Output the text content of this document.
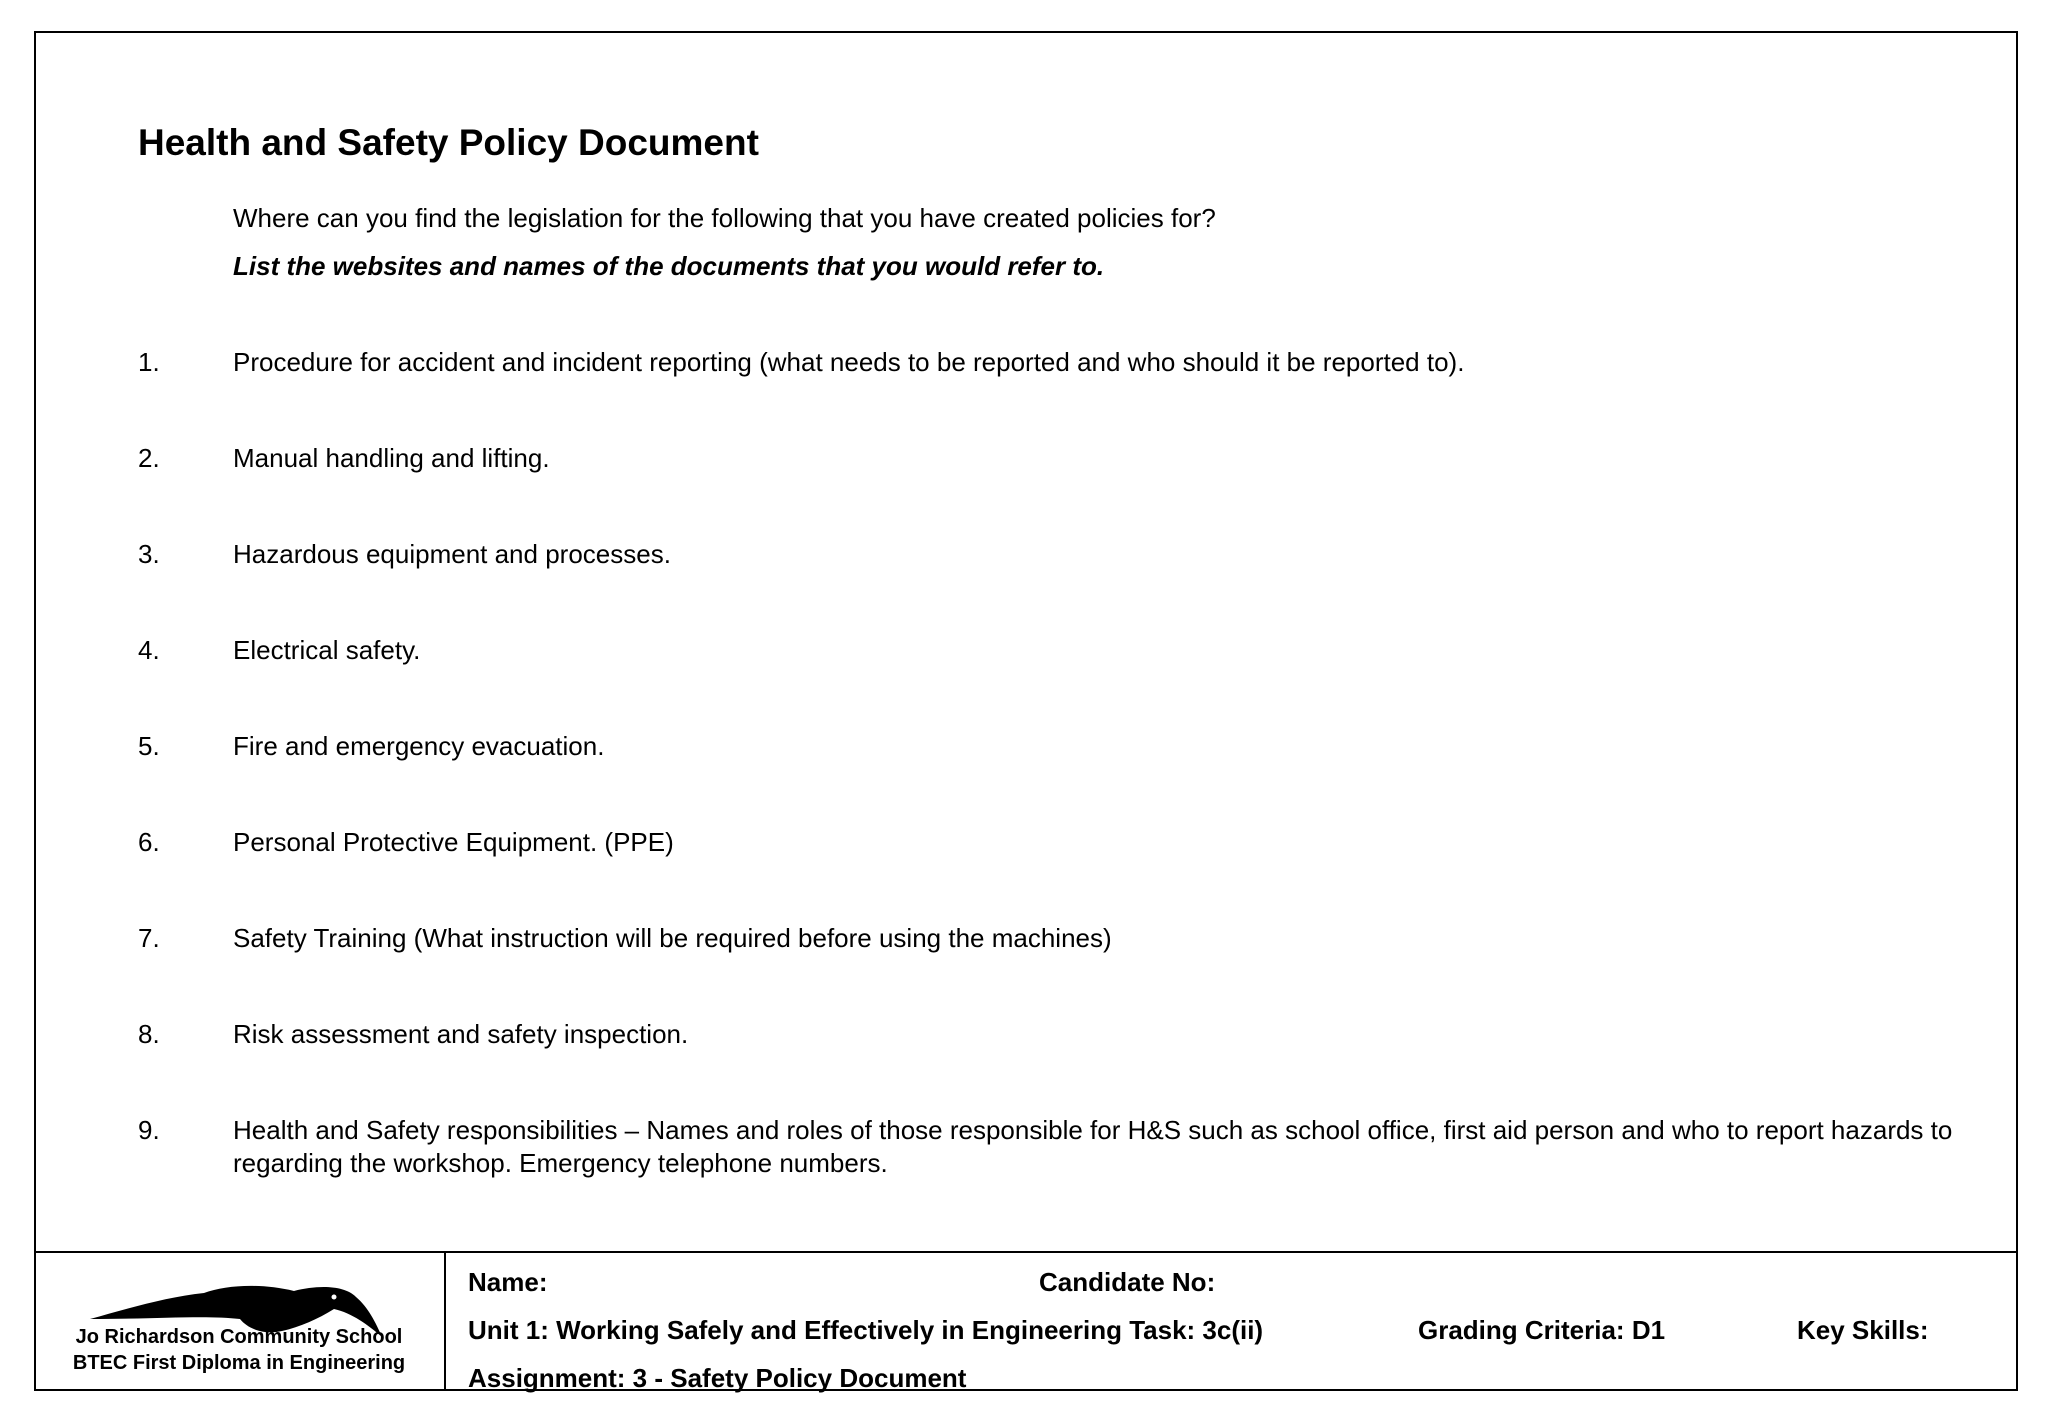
Health and Safety Policy Document
Where can you find the legislation for the following that you have created policies for?
List the websites and names of the documents that you would refer to.
1.	Procedure for accident and incident reporting (what needs to be reported and who should it be reported to).
2.	Manual handling and lifting.
3.	Hazardous equipment and processes.
4.	Electrical safety.
5.	Fire and emergency evacuation.
6.	Personal Protective Equipment. (PPE)
7.	Safety Training (What instruction will be required before using the machines)
8.	Risk assessment and safety inspection.
9.	Health and Safety responsibilities – Names and roles of those responsible for H&S such as school office, first aid person and who to report hazards to regarding the workshop. Emergency telephone numbers.
Jo Richardson Community School
BTEC First Diploma in Engineering
Name:	Candidate No:
Unit 1: Working Safely and Effectively in Engineering Task: 3c(ii)	Grading Criteria: D1	Key Skills:
Assignment: 3 - Safety Policy Document
